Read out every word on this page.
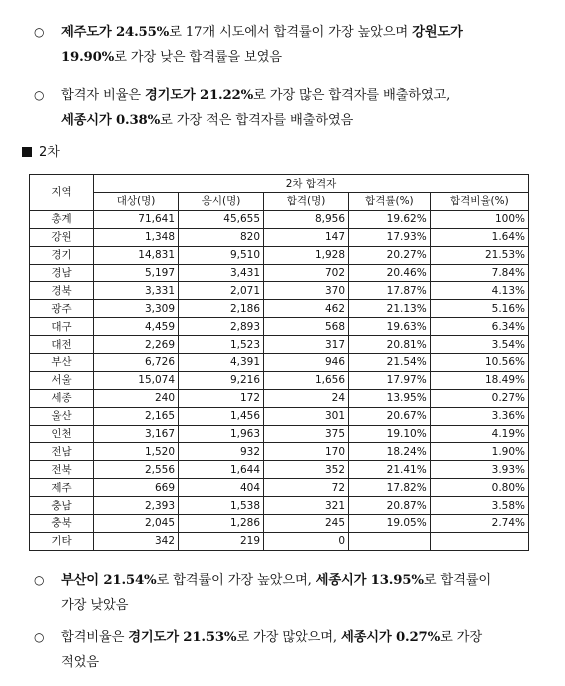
○	제주도가 24.55%로 17개 시도에서 합격률이 가장 높았으며 강원도가
19.90%로 가장 낮은 합격률을 보였음
○	합격자 비율은 경기도가 21.22%로 가장 많은 합격자를 배출하였고,
세종시가 0.38%로 가장 적은 합격자를 배출하였음
2차
지역	2차 합격자				
	대상(명)	응시(명)	합격(명)	합격률(%)	합격비율(%)
총계	71,641	45,655	8,956	19.62%	100%
강원	1,348	820	147	17.93%	1.64%
경기	14,831	9,510	1,928	20.27%	21.53%
경남	5,197	3,431	702	20.46%	7.84%
경북	3,331	2,071	370	17.87%	4.13%
광주	3,309	2,186	462	21.13%	5.16%
대구	4,459	2,893	568	19.63%	6.34%
대전	2,269	1,523	317	20.81%	3.54%
부산	6,726	4,391	946	21.54%	10.56%
서울	15,074	9,216	1,656	17.97%	18.49%
세종	240	172	24	13.95%	0.27%
울산	2,165	1,456	301	20.67%	3.36%
인천	3,167	1,963	375	19.10%	4.19%
전남	1,520	932	170	18.24%	1.90%
전북	2,556	1,644	352	21.41%	3.93%
제주	669	404	72	17.82%	0.80%
충남	2,393	1,538	321	20.87%	3.58%
충북	2,045	1,286	245	19.05%	2.74%
기타	342	219	0		
○	부산이 21.54%로 합격률이 가장 높았으며, 세종시가 13.95%로 합격률이
가장 낮았음
○	합격비율은 경기도가 21.53%로 가장 많았으며, 세종시가 0.27%로 가장
적었음
